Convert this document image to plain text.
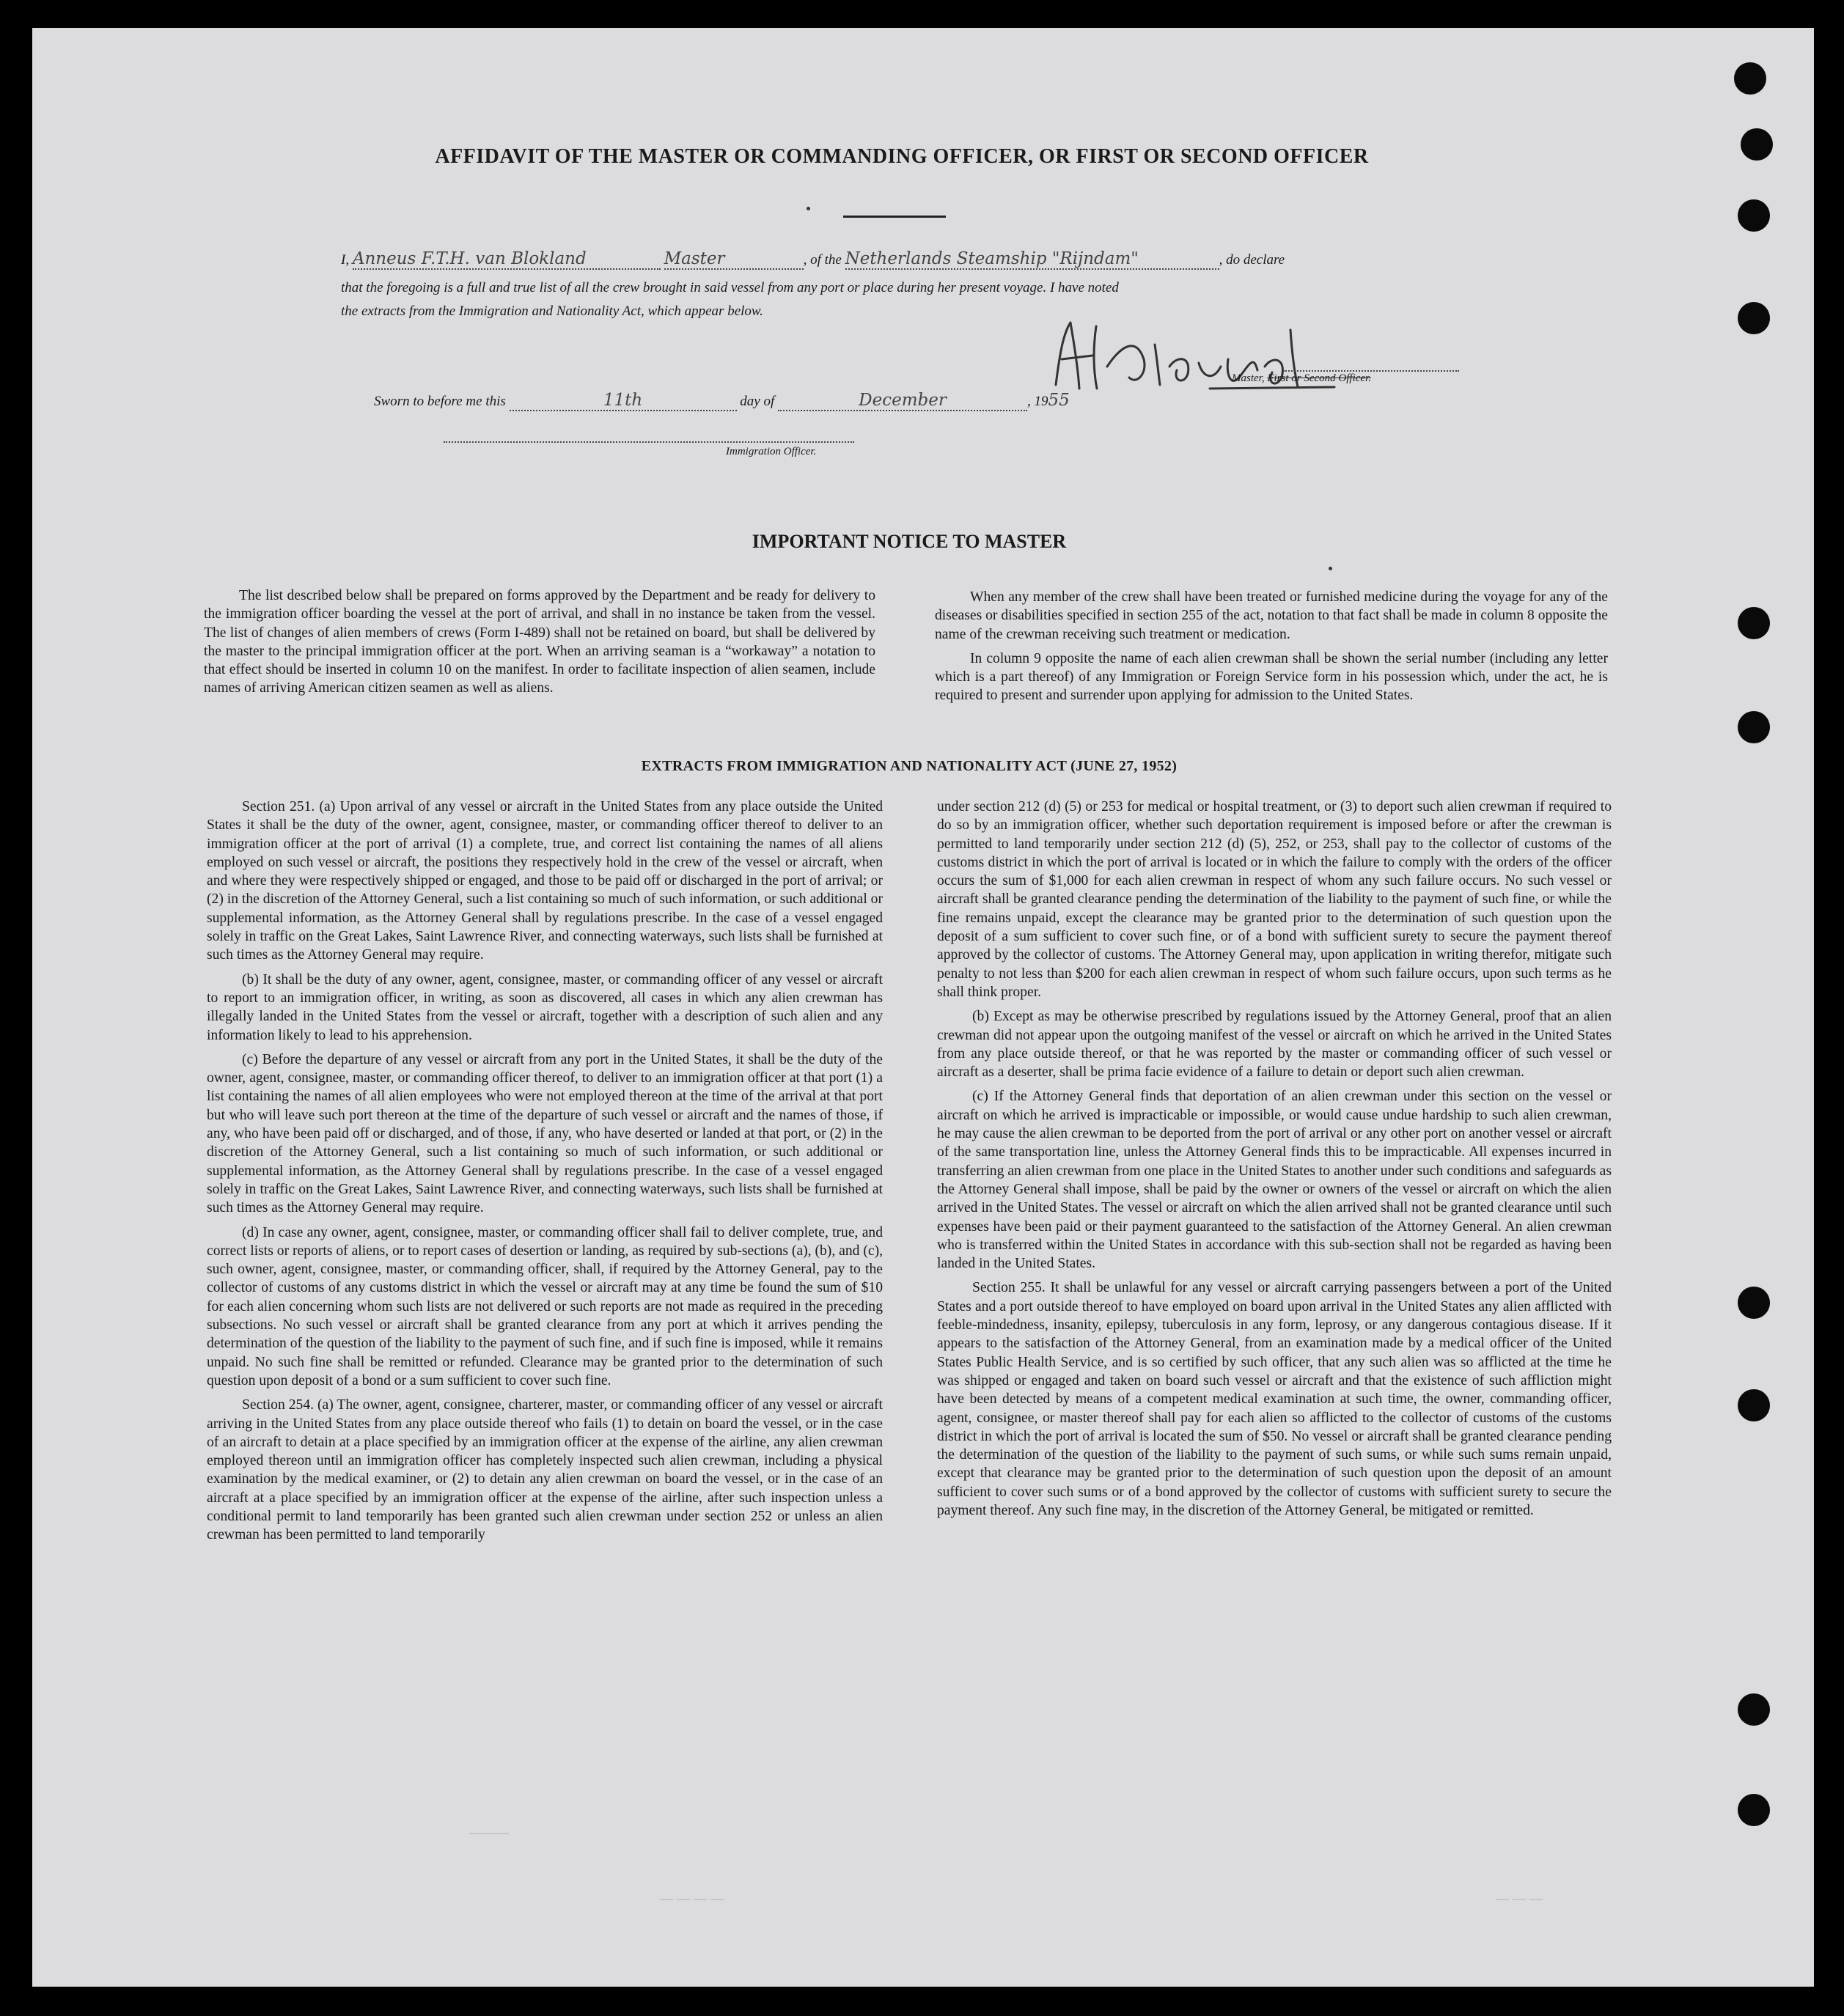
———
— — — —	— — —
AFFIDAVIT OF THE MASTER OR COMMANDING OFFICER, OR FIRST OR SECOND OFFICER
I, Anneus F.T.H. van Blokland	Master	, of the Netherlands Steamship "Rijndam"	, do declare
that the foregoing is a full and true list of all the crew brought in said vessel from any port or place during her present voyage. I have noted
the extracts from the Immigration and Nationality Act, which appear below.
Master, First or Second Officer.
Sworn to before me this	11th	day of	December	, 1955
Immigration Officer.
IMPORTANT NOTICE TO MASTER

The list described below shall be prepared on forms approved by the Department and be ready for delivery to the immigration officer boarding the vessel at the port of arrival, and shall in no instance be taken from the vessel. The list of changes of alien members of crews (Form I-489) shall not be retained on board, but shall be delivered by the master to the principal immigration officer at the port. When an arriving seaman is a “workaway” a notation to that effect should be inserted in column 10 on the manifest. In order to facilitate inspection of alien seamen, include names of arriving American citizen seamen as well as aliens.

When any member of the crew shall have been treated or furnished medicine during the voyage for any of the diseases or disabilities specified in section 255 of the act, notation to that fact shall be made in column 8 opposite the name of the crewman receiving such treatment or medication.

In column 9 opposite the name of each alien crewman shall be shown the serial number (including any letter which is a part thereof) of any Immigration or Foreign Service form in his possession which, under the act, he is required to present and surrender upon applying for admission to the United States.

EXTRACTS FROM IMMIGRATION AND NATIONALITY ACT (JUNE 27, 1952)

Section 251. (a) Upon arrival of any vessel or aircraft in the United States from any place outside the United States it shall be the duty of the owner, agent, consignee, master, or commanding officer thereof to deliver to an immigration officer at the port of arrival (1) a complete, true, and correct list containing the names of all aliens employed on such vessel or aircraft, the positions they respectively hold in the crew of the vessel or aircraft, when and where they were respectively shipped or engaged, and those to be paid off or discharged in the port of arrival; or (2) in the discretion of the Attorney General, such a list containing so much of such information, or such additional or supplemental information, as the Attorney General shall by regulations prescribe. In the case of a vessel engaged solely in traffic on the Great Lakes, Saint Lawrence River, and connecting waterways, such lists shall be furnished at such times as the Attorney General may require.

(b) It shall be the duty of any owner, agent, consignee, master, or commanding officer of any vessel or aircraft to report to an immigration officer, in writing, as soon as discovered, all cases in which any alien crewman has illegally landed in the United States from the vessel or aircraft, together with a description of such alien and any information likely to lead to his apprehension.

(c) Before the departure of any vessel or aircraft from any port in the United States, it shall be the duty of the owner, agent, consignee, master, or commanding officer thereof, to deliver to an immigration officer at that port (1) a list containing the names of all alien employees who were not employed thereon at the time of the arrival at that port but who will leave such port thereon at the time of the departure of such vessel or aircraft and the names of those, if any, who have been paid off or discharged, and of those, if any, who have deserted or landed at that port, or (2) in the discretion of the Attorney General, such a list containing so much of such information, or such additional or supplemental information, as the Attorney General shall by regulations prescribe. In the case of a vessel engaged solely in traffic on the Great Lakes, Saint Lawrence River, and connecting waterways, such lists shall be furnished at such times as the Attorney General may require.

(d) In case any owner, agent, consignee, master, or commanding officer shall fail to deliver complete, true, and correct lists or reports of aliens, or to report cases of desertion or landing, as required by sub-sections (a), (b), and (c), such owner, agent, consignee, master, or commanding officer, shall, if required by the Attorney General, pay to the collector of customs of any customs district in which the vessel or aircraft may at any time be found the sum of $10 for each alien concerning whom such lists are not delivered or such reports are not made as required in the preceding subsections. No such vessel or aircraft shall be granted clearance from any port at which it arrives pending the determination of the question of the liability to the payment of such fine, and if such fine is imposed, while it remains unpaid. No such fine shall be remitted or refunded. Clearance may be granted prior to the determination of such question upon deposit of a bond or a sum sufficient to cover such fine.

Section 254. (a) The owner, agent, consignee, charterer, master, or commanding officer of any vessel or aircraft arriving in the United States from any place outside thereof who fails (1) to detain on board the vessel, or in the case of an aircraft to detain at a place specified by an immigration officer at the expense of the airline, any alien crewman employed thereon until an immigration officer has completely inspected such alien crewman, including a physical examination by the medical examiner, or (2) to detain any alien crewman on board the vessel, or in the case of an aircraft at a place specified by an immigration officer at the expense of the airline, after such inspection unless a conditional permit to land temporarily has been granted such alien crewman under section 252 or unless an alien crewman has been permitted to land temporarily

under section 212 (d) (5) or 253 for medical or hospital treatment, or (3) to deport such alien crewman if required to do so by an immigration officer, whether such deportation requirement is imposed before or after the crewman is permitted to land temporarily under section 212 (d) (5), 252, or 253, shall pay to the collector of customs of the customs district in which the port of arrival is located or in which the failure to comply with the orders of the officer occurs the sum of $1,000 for each alien crewman in respect of whom any such failure occurs. No such vessel or aircraft shall be granted clearance pending the determination of the liability to the payment of such fine, or while the fine remains unpaid, except the clearance may be granted prior to the determination of such question upon the deposit of a sum sufficient to cover such fine, or of a bond with sufficient surety to secure the payment thereof approved by the collector of customs. The Attorney General may, upon application in writing therefor, mitigate such penalty to not less than $200 for each alien crewman in respect of whom such failure occurs, upon such terms as he shall think proper.

(b) Except as may be otherwise prescribed by regulations issued by the Attorney General, proof that an alien crewman did not appear upon the outgoing manifest of the vessel or aircraft on which he arrived in the United States from any place outside thereof, or that he was reported by the master or commanding officer of such vessel or aircraft as a deserter, shall be prima facie evidence of a failure to detain or deport such alien crewman.

(c) If the Attorney General finds that deportation of an alien crewman under this section on the vessel or aircraft on which he arrived is impracticable or impossible, or would cause undue hardship to such alien crewman, he may cause the alien crewman to be deported from the port of arrival or any other port on another vessel or aircraft of the same transportation line, unless the Attorney General finds this to be impracticable. All expenses incurred in transferring an alien crewman from one place in the United States to another under such conditions and safeguards as the Attorney General shall impose, shall be paid by the owner or owners of the vessel or aircraft on which the alien arrived in the United States. The vessel or aircraft on which the alien arrived shall not be granted clearance until such expenses have been paid or their payment guaranteed to the satisfaction of the Attorney General. An alien crewman who is transferred within the United States in accordance with this sub-section shall not be regarded as having been landed in the United States.

Section 255. It shall be unlawful for any vessel or aircraft carrying passengers between a port of the United States and a port outside thereof to have employed on board upon arrival in the United States any alien afflicted with feeble-mindedness, insanity, epilepsy, tuberculosis in any form, leprosy, or any dangerous contagious disease. If it appears to the satisfaction of the Attorney General, from an examination made by a medical officer of the United States Public Health Service, and is so certified by such officer, that any such alien was so afflicted at the time he was shipped or engaged and taken on board such vessel or aircraft and that the existence of such affliction might have been detected by means of a competent medical examination at such time, the owner, commanding officer, agent, consignee, or master thereof shall pay for each alien so afflicted to the collector of customs of the customs district in which the port of arrival is located the sum of $50. No vessel or aircraft shall be granted clearance pending the determination of the question of the liability to the payment of such sums, or while such sums remain unpaid, except that clearance may be granted prior to the determination of such question upon the deposit of an amount sufficient to cover such sums or of a bond approved by the collector of customs with sufficient surety to secure the payment thereof. Any such fine may, in the discretion of the Attorney General, be mitigated or remitted.
